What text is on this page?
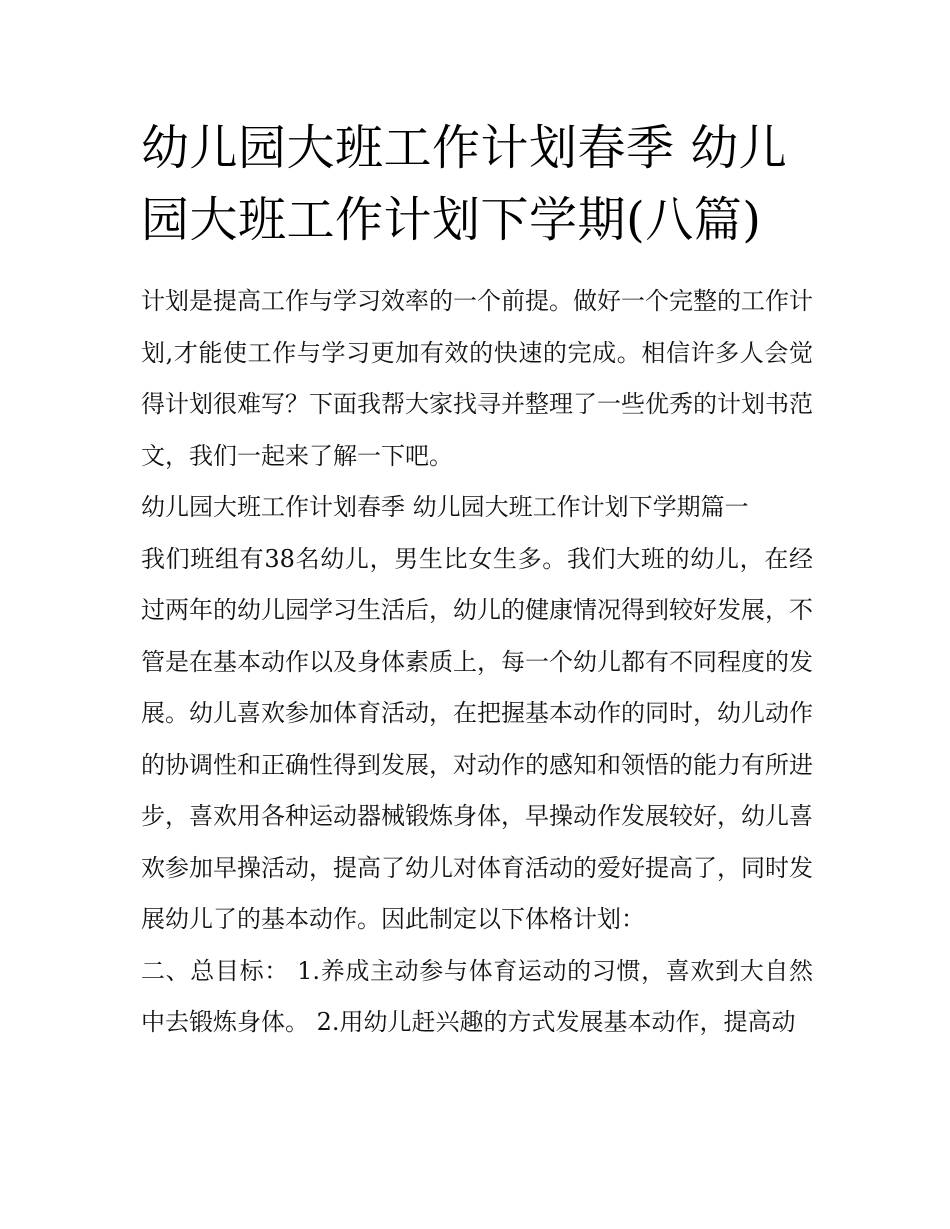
幼儿园大班工作计划春季 幼儿园大班工作计划下学期(八篇)

计划是提高工作与学习效率的一个前提。做好一个完整的工作计划,才能使工作与学习更加有效的快速的完成。相信许多人会觉得计划很难写？下面我帮大家找寻并整理了一些优秀的计划书范文，我们一起来了解一下吧。

幼儿园大班工作计划春季 幼儿园大班工作计划下学期篇一

我们班组有38名幼儿，男生比女生多。我们大班的幼儿，在经过两年的幼儿园学习生活后，幼儿的健康情况得到较好发展，不管是在基本动作以及身体素质上，每一个幼儿都有不同程度的发展。幼儿喜欢参加体育活动，在把握基本动作的同时，幼儿动作的协调性和正确性得到发展，对动作的感知和领悟的能力有所进步，喜欢用各种运动器械锻炼身体，早操动作发展较好，幼儿喜欢参加早操活动，提高了幼儿对体育活动的爱好提高了，同时发展幼儿了的基本动作。因此制定以下体格计划：

二、总目标： 1.养成主动参与体育运动的习惯，喜欢到大自然中去锻炼身体。 2.用幼儿赶兴趣的方式发展基本动作，提高动
